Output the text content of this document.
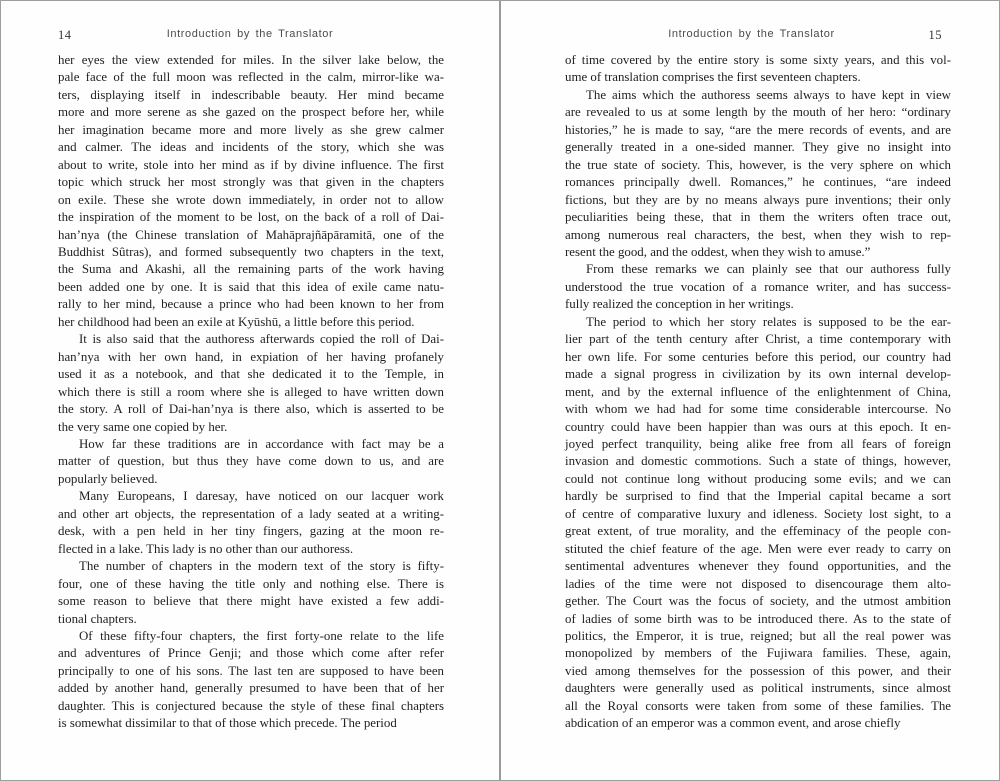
14	Introduction by the Translator
her eyes the view extended for miles. In the silver lake below, the
pale face of the full moon was reflected in the calm, mirror-like wa-
ters, displaying itself in indescribable beauty. Her mind became
more and more serene as she gazed on the prospect before her, while
her imagination became more and more lively as she grew calmer
and calmer. The ideas and incidents of the story, which she was
about to write, stole into her mind as if by divine influence. The first
topic which struck her most strongly was that given in the chapters
on exile. These she wrote down immediately, in order not to allow
the inspiration of the moment to be lost, on the back of a roll of Dai-
han’nya (the Chinese translation of Mahāprajñāpāramitā, one of the
Buddhist Sûtras), and formed subsequently two chapters in the text,
the Suma and Akashi, all the remaining parts of the work having
been added one by one. It is said that this idea of exile came natu-
rally to her mind, because a prince who had been known to her from
her childhood had been an exile at Kyūshū, a little before this period.
It is also said that the authoress afterwards copied the roll of Dai-
han’nya with her own hand, in expiation of her having profanely
used it as a notebook, and that she dedicated it to the Temple, in
which there is still a room where she is alleged to have written down
the story. A roll of Dai-han’nya is there also, which is asserted to be
the very same one copied by her.
How far these traditions are in accordance with fact may be a
matter of question, but thus they have come down to us, and are
popularly believed.
Many Europeans, I daresay, have noticed on our lacquer work
and other art objects, the representation of a lady seated at a writing-
desk, with a pen held in her tiny fingers, gazing at the moon re-
flected in a lake. This lady is no other than our authoress.
The number of chapters in the modern text of the story is fifty-
four, one of these having the title only and nothing else. There is
some reason to believe that there might have existed a few addi-
tional chapters.
Of these fifty-four chapters, the first forty-one relate to the life
and adventures of Prince Genji; and those which come after refer
principally to one of his sons. The last ten are supposed to have been
added by another hand, generally presumed to have been that of her
daughter. This is conjectured because the style of these final chapters
is somewhat dissimilar to that of those which precede. The period
Introduction by the Translator	15
of time covered by the entire story is some sixty years, and this vol-
ume of translation comprises the first seventeen chapters.
The aims which the authoress seems always to have kept in view
are revealed to us at some length by the mouth of her hero: “ordinary
histories,” he is made to say, “are the mere records of events, and are
generally treated in a one-sided manner. They give no insight into
the true state of society. This, however, is the very sphere on which
romances principally dwell. Romances,” he continues, “are indeed
fictions, but they are by no means always pure inventions; their only
peculiarities being these, that in them the writers often trace out,
among numerous real characters, the best, when they wish to rep-
resent the good, and the oddest, when they wish to amuse.”
From these remarks we can plainly see that our authoress fully
understood the true vocation of a romance writer, and has success-
fully realized the conception in her writings.
The period to which her story relates is supposed to be the ear-
lier part of the tenth century after Christ, a time contemporary with
her own life. For some centuries before this period, our country had
made a signal progress in civilization by its own internal develop-
ment, and by the external influence of the enlightenment of China,
with whom we had had for some time considerable intercourse. No
country could have been happier than was ours at this epoch. It en-
joyed perfect tranquility, being alike free from all fears of foreign
invasion and domestic commotions. Such a state of things, however,
could not continue long without producing some evils; and we can
hardly be surprised to find that the Imperial capital became a sort
of centre of comparative luxury and idleness. Society lost sight, to a
great extent, of true morality, and the effeminacy of the people con-
stituted the chief feature of the age. Men were ever ready to carry on
sentimental adventures whenever they found opportunities, and the
ladies of the time were not disposed to disencourage them alto-
gether. The Court was the focus of society, and the utmost ambition
of ladies of some birth was to be introduced there. As to the state of
politics, the Emperor, it is true, reigned; but all the real power was
monopolized by members of the Fujiwara families. These, again,
vied among themselves for the possession of this power, and their
daughters were generally used as political instruments, since almost
all the Royal consorts were taken from some of these families. The
abdication of an emperor was a common event, and arose chiefly
